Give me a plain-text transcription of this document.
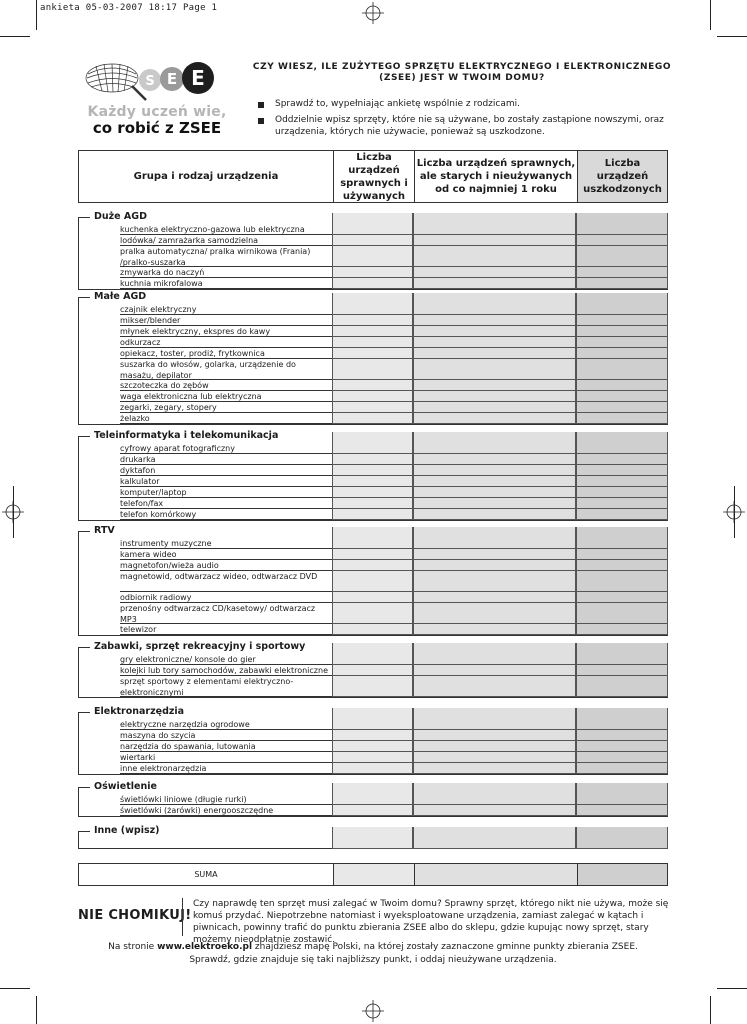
ankieta 05-03-2007 18:17 Page 1
S E E
Każdy uczeń wie,
co robić z ZSEE
CZY WIESZ, ILE ZUŻYTEGO SPRZĘTU ELEKTRYCZNEGO I ELEKTRONICZNEGO (ZSEE) JEST W TWOIM DOMU?
Sprawdź to, wypełniając ankietę wspólnie z rodzicami.
Oddzielnie wpisz sprzęty, które nie są używane, bo zostały zastąpione nowszymi, oraz urządzenia, których nie używacie, ponieważ są uszkodzone.
Grupa i rodzaj urządzenia
Liczba urządzeń sprawnych i używanych
Liczba urządzeń sprawnych, ale starych i nieużywanych od co najmniej 1 roku
Liczba urządzeń uszkodzonych
Duże AGD
kuchenka elektryczno-gazowa lub elektryczna
lodówka/ zamrażarka samodzielna
pralka automatyczna/ pralka wirnikowa (Frania) /pralko-suszarka
zmywarka do naczyń
kuchnia mikrofalowa
Małe AGD
czajnik elektryczny
mikser/blender
młynek elektryczny, ekspres do kawy
odkurzacz
opiekacz, toster, prodiż, frytkownica
suszarka do włosów, golarka, urządzenie do masażu, depilator
szczoteczka do zębów
waga elektroniczna lub elektryczna
zegarki, zegary, stopery
żelazko
Teleinformatyka i telekomunikacja
cyfrowy aparat fotograficzny
drukarka
dyktafon
kalkulator
komputer/laptop
telefon/fax
telefon komórkowy
RTV
instrumenty muzyczne
kamera wideo
magnetofon/wieża audio
magnetowid, odtwarzacz wideo, odtwarzacz DVD
odbiornik radiowy
przenośny odtwarzacz CD/kasetowy/ odtwarzacz MP3
telewizor
Zabawki, sprzęt rekreacyjny i sportowy
gry elektroniczne/ konsole do gier
kolejki lub tory samochodów, zabawki elektroniczne
sprzęt sportowy z elementami elektryczno-elektronicznymi
Elektronarzędzia
elektryczne narzędzia ogrodowe
maszyna do szycia
narzędzia do spawania, lutowania
wiertarki
inne elektronarzędzia
Oświetlenie
świetlówki liniowe (długie rurki)
świetlówki (żarówki) energooszczędne
Inne (wpisz)
SUMA
NIE CHOMIKUJ!
Czy naprawdę ten sprzęt musi zalegać w Twoim domu? Sprawny sprzęt, którego nikt nie używa, może się komuś przydać. Niepotrzebne natomiast i wyeksploatowane urządzenia, zamiast zalegać w kątach i piwnicach, powinny trafić do punktu zbierania ZSEE albo do sklepu, gdzie kupując nowy sprzęt, stary możemy nieodpłatnie zostawić.
Na stronie www.elektroeko.pl znajdziesz mapę Polski, na której zostały zaznaczone gminne punkty zbierania ZSEE.
Sprawdź, gdzie znajduje się taki najbliższy punkt, i oddaj nieużywane urządzenia.
